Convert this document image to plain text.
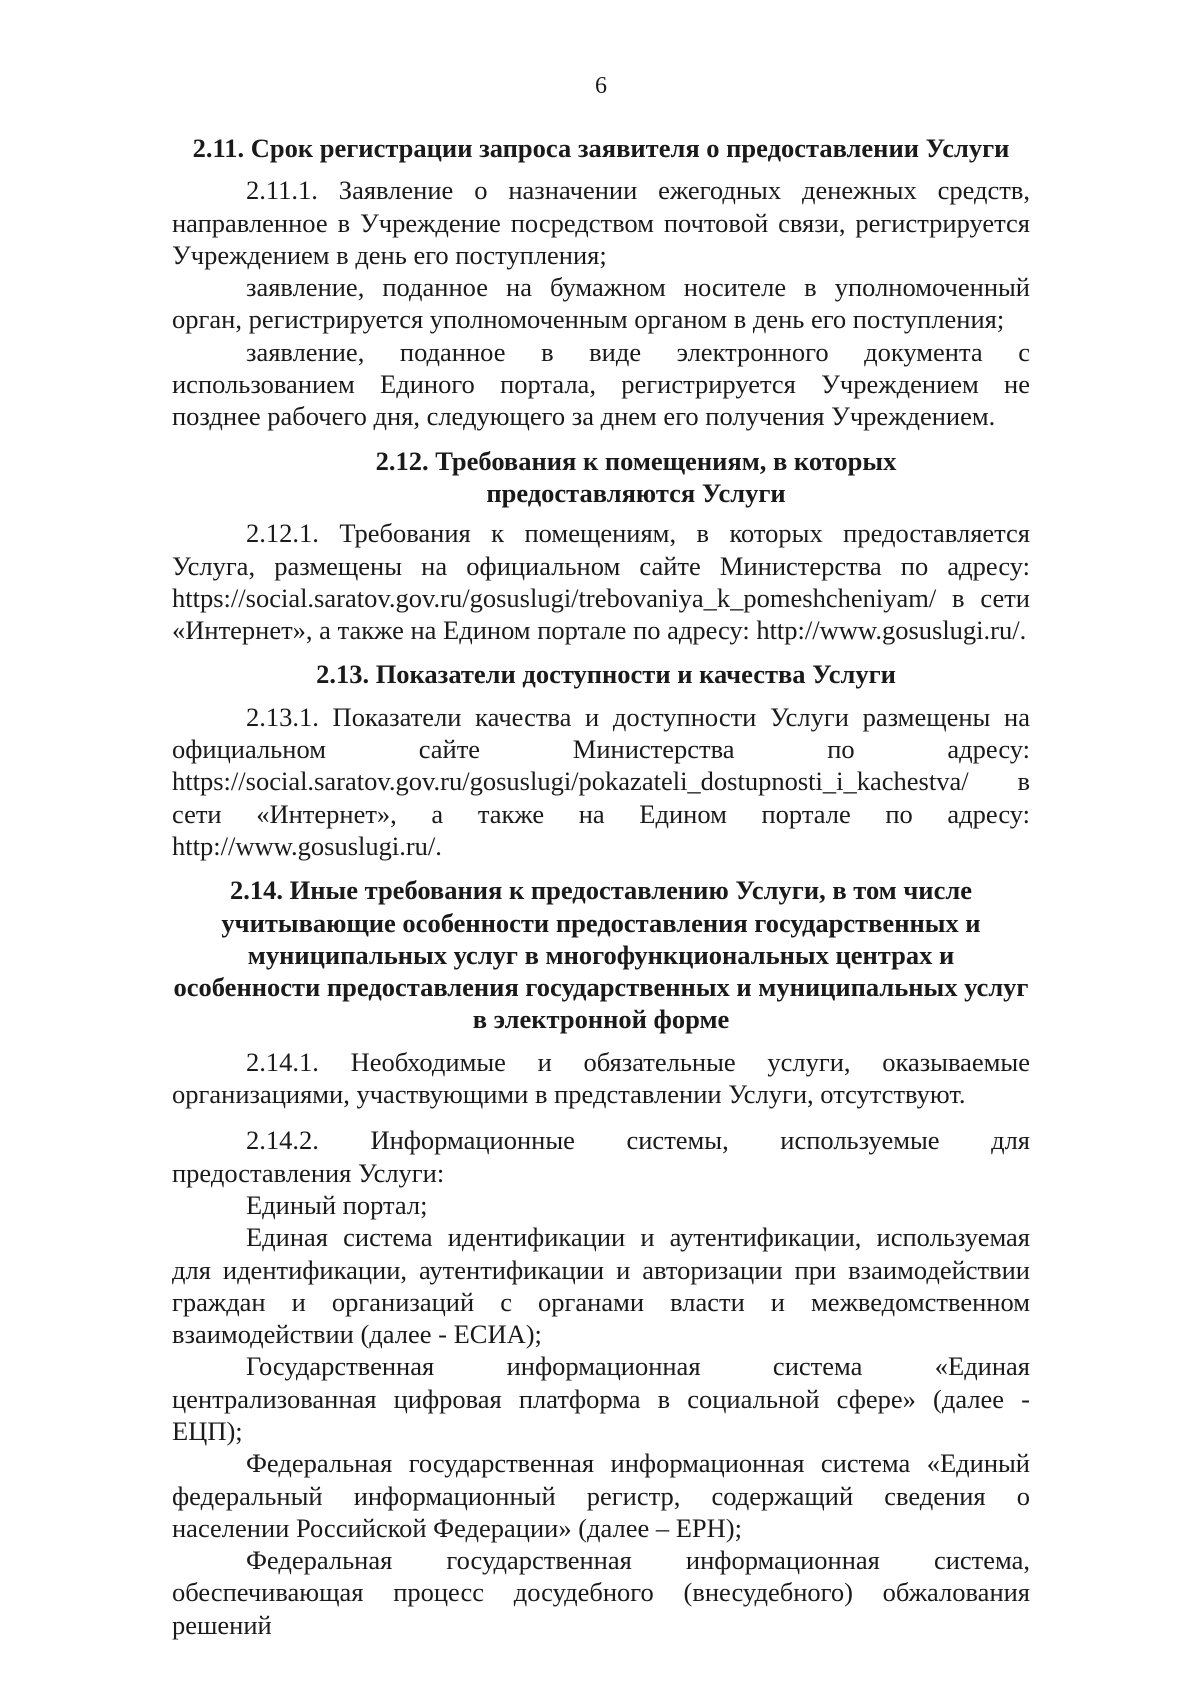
6
2.11. Срок регистрации запроса заявителя о предоставлении Услуги

2.11.1. Заявление о назначении ежегодных денежных средств, направленное в Учреждение посредством почтовой связи, регистрируется Учреждением в день его поступления;

заявление, поданное на бумажном носителе в уполномоченный орган, регистрируется уполномоченным органом в день его поступления;

заявление, поданное в виде электронного документа с использованием Единого портала, регистрируется Учреждением не позднее рабочего дня, следующего за днем его получения Учреждением.

2.12. Требования к помещениям, в которых предоставляются Услуги

2.12.1. Требования к помещениям, в которых предоставляется Услуга, размещены на официальном сайте Министерства по адресу: https://social.saratov.gov.ru/gosuslugi/trebovaniya_k_pomeshcheniyam/ в сети «Интернет», а также на Едином портале по адресу: http://www.gosuslugi.ru/.

2.13. Показатели доступности и качества Услуги

2.13.1. Показатели качества и доступности Услуги размещены на официальном сайте Министерства по адресу: https://social.saratov.gov.ru/gosuslugi/pokazateli_dostupnosti_i_kachestva/ в сети «Интернет», а также на Едином портале по адресу: http://www.gosuslugi.ru/.

2.14. Иные требования к предоставлению Услуги, в том числе учитывающие особенности предоставления государственных и муниципальных услуг в многофункциональных центрах и особенности предоставления государственных и муниципальных услуг в электронной форме

2.14.1. Необходимые и обязательные услуги, оказываемые организациями, участвующими в представлении Услуги, отсутствуют.

2.14.2. Информационные системы, используемые для предоставления Услуги:

Единый портал;

Единая система идентификации и аутентификации, используемая для идентификации, аутентификации и авторизации при взаимодействии граждан и организаций с органами власти и межведомственном взаимодействии (далее - ЕСИА);

Государственная информационная система «Единая централизованная цифровая платформа в социальной сфере» (далее - ЕЦП);

Федеральная государственная информационная система «Единый федеральный информационный регистр, содержащий сведения о населении Российской Федерации» (далее – ЕРН);

Федеральная государственная информационная система, обеспечивающая процесс досудебного (внесудебного) обжалования решений
